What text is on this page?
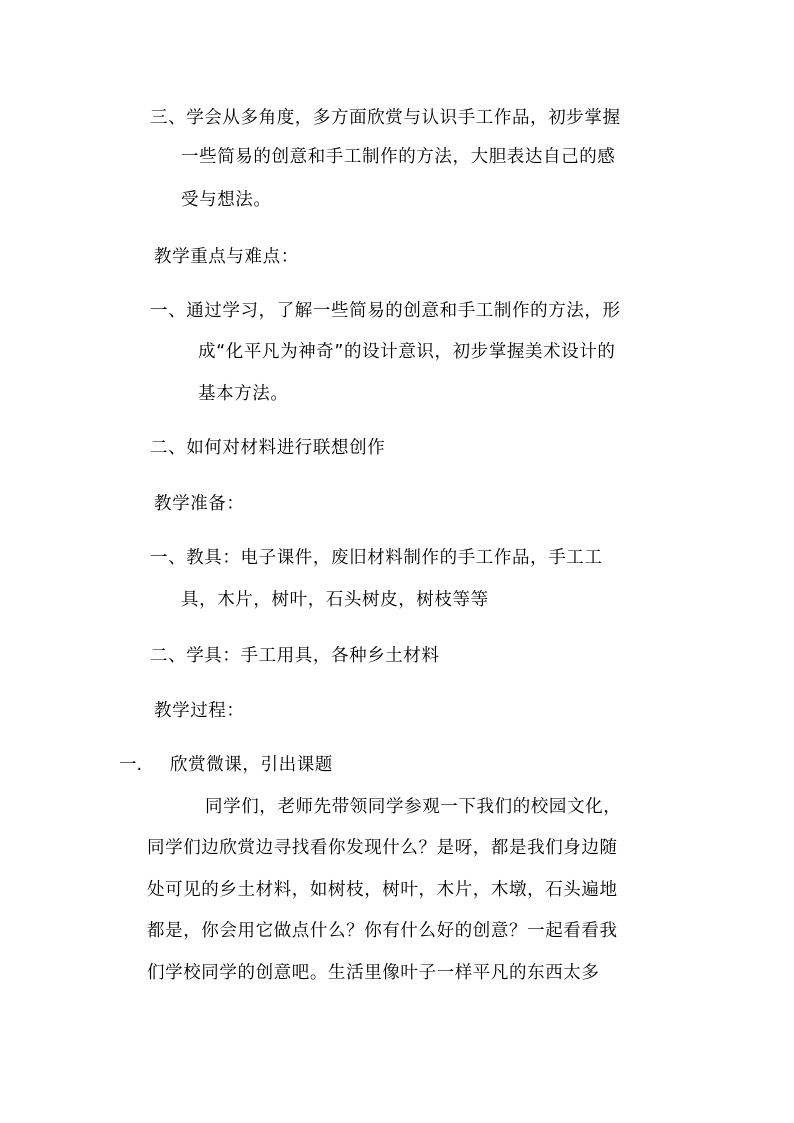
三、学会从多角度，多方面欣赏与认识手工作品，初步掌握
一些简易的创意和手工制作的方法，大胆表达自己的感
受与想法。
教学重点与难点：
一、通过学习，了解一些简易的创意和手工制作的方法，形
成“化平凡为神奇”的设计意识，初步掌握美术设计的
基本方法。
二、如何对材料进行联想创作
教学准备：
一、教具：电子课件，废旧材料制作的手工作品，手工工
具，木片，树叶，石头树皮，树枝等等
二、学具：手工用具，各种乡土材料
教学过程：
一. 欣赏微课，引出课题
同学们，老师先带领同学参观一下我们的校园文化，
同学们边欣赏边寻找看你发现什么？是呀，都是我们身边随
处可见的乡土材料，如树枝，树叶，木片，木墩，石头遍地
都是，你会用它做点什么？你有什么好的创意？一起看看我
们学校同学的创意吧。生活里像叶子一样平凡的东西太多
